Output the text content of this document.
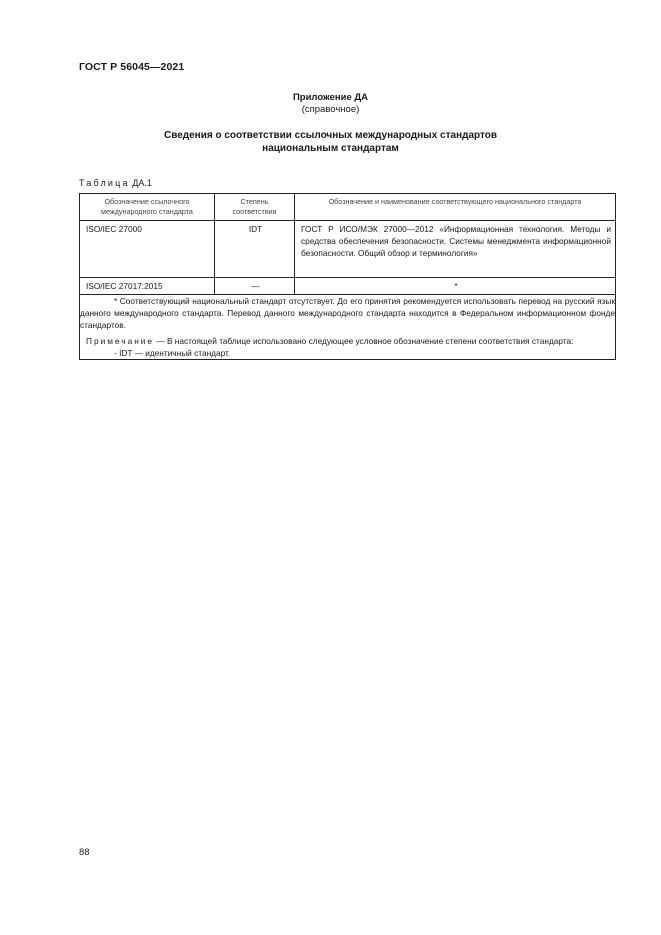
ГОСТ Р 56045—2021
Приложение ДА
(справочное)
Сведения о соответствии ссылочных международных стандартов
национальным стандартам
Таблица ДА.1
Обозначение ссылочного международного стандарта	Степень соответствия	Обозначение и наименование соответствующего национального стандарта
ISO/IEC 27000	IDT	ГОСТ Р ИСО/МЭК 27000—2012 «Информационная технология. Методы и средства обеспечения безопасности. Системы менеджмента информационной безопасности. Общий обзор и терминология»
ISO/IEC 27017:2015	—	*

* Соответствующий национальный стандарт отсутствует. До его принятия рекомендуется использовать перевод на русский язык данного международного стандарта. Перевод данного международного стандарта находится в Федеральном информационном фонде стандартов.

Примечание — В настоящей таблице использовано следующее условное обозначение степени соответствия стандарта:

- IDT — идентичный стандарт.		

88
